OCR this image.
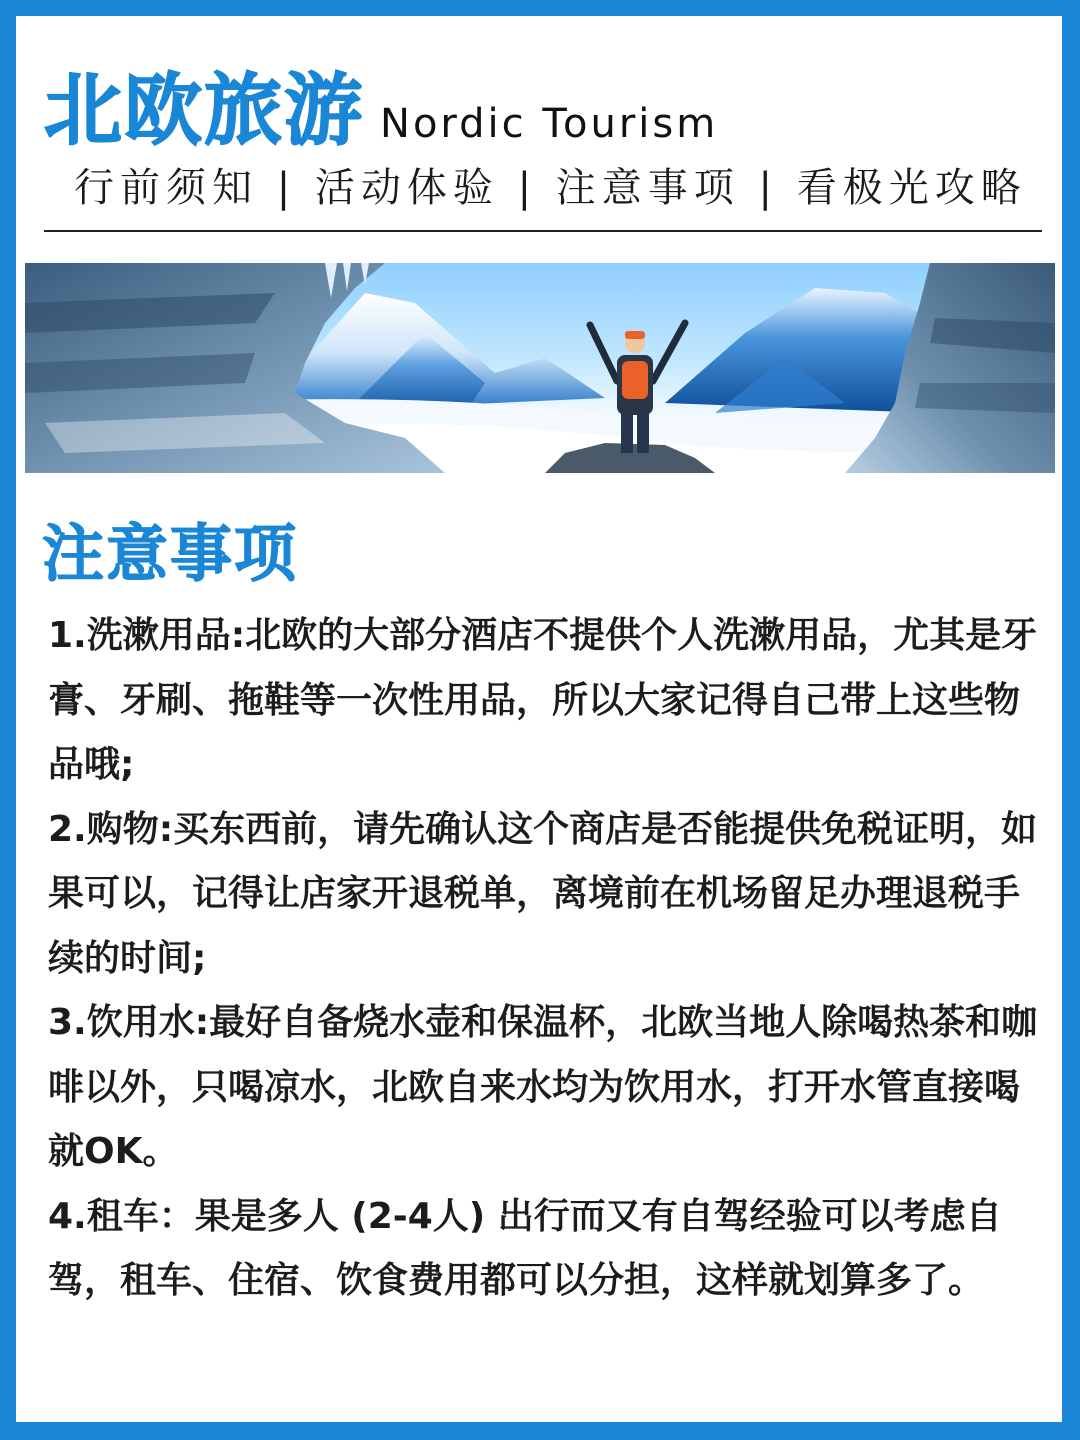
北欧旅游 Nordic Tourism
行前须知 | 活动体验 | 注意事项 | 看极光攻略
注意事项

1.洗漱用品:北欧的大部分酒店不提供个人洗漱用品，尤其是牙膏、牙刷、拖鞋等一次性用品，所以大家记得自己带上这些物品哦;

2.购物:买东西前，请先确认这个商店是否能提供免税证明，如果可以，记得让店家开退税单，离境前在机场留足办理退税手续的时间;

3.饮用水:最好自备烧水壶和保温杯，北欧当地人除喝热茶和咖啡以外，只喝凉水，北欧自来水均为饮用水，打开水管直接喝就OK。

4.租车：果是多人 (2-4人) 出行而又有自驾经验可以考虑自驾，租车、住宿、饮食费用都可以分担，这样就划算多了。
